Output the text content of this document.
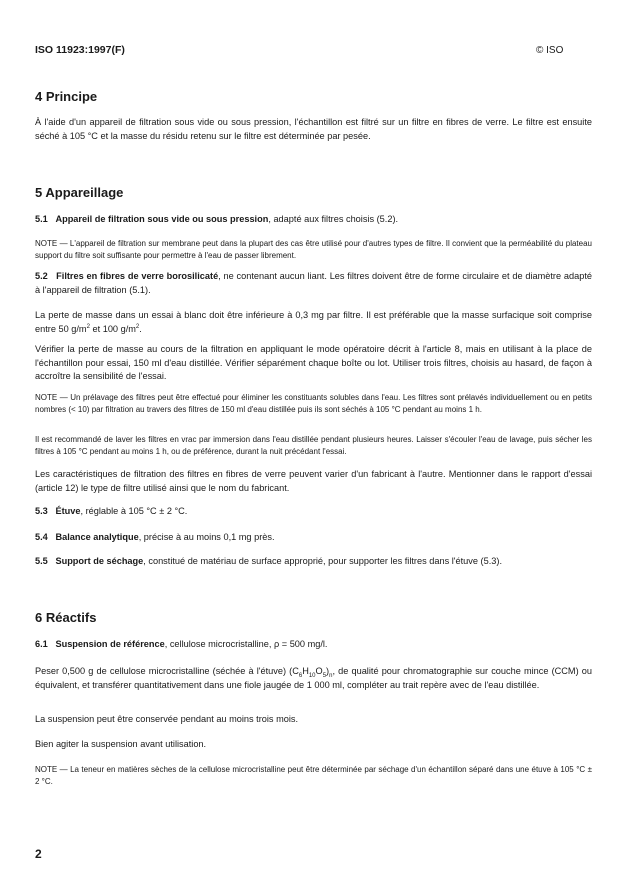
ISO 11923:1997(F)	© ISO
4 Principe
À l'aide d'un appareil de filtration sous vide ou sous pression, l'échantillon est filtré sur un filtre en fibres de verre. Le filtre est ensuite séché à 105 °C et la masse du résidu retenu sur le filtre est déterminée par pesée.
5 Appareillage
5.1 Appareil de filtration sous vide ou sous pression, adapté aux filtres choisis (5.2).
NOTE — L'appareil de filtration sur membrane peut dans la plupart des cas être utilisé pour d'autres types de filtre. Il convient que la perméabilité du plateau support du filtre soit suffisante pour permettre à l'eau de passer librement.
5.2 Filtres en fibres de verre borosilicaté, ne contenant aucun liant. Les filtres doivent être de forme circulaire et de diamètre adapté à l'appareil de filtration (5.1).
La perte de masse dans un essai à blanc doit être inférieure à 0,3 mg par filtre. Il est préférable que la masse surfacique soit comprise entre 50 $g/m^2$ et 100 $g/m^2$.
Vérifier la perte de masse au cours de la filtration en appliquant le mode opératoire décrit à l'article 8, mais en utilisant à la place de l'échantillon pour essai, 150 ml d'eau distillée. Vérifier séparément chaque boîte ou lot. Utiliser trois filtres, choisis au hasard, de façon à accroître la sensibilité de l'essai.
NOTE — Un prélavage des filtres peut être effectué pour éliminer les constituants solubles dans l'eau. Les filtres sont prélavés individuellement ou en petits nombres (< 10) par filtration au travers des filtres de 150 ml d'eau distillée puis ils sont séchés à 105 °C pendant au moins 1 h.
Il est recommandé de laver les filtres en vrac par immersion dans l'eau distillée pendant plusieurs heures. Laisser s'écouler l'eau de lavage, puis sécher les filtres à 105 °C pendant au moins 1 h, ou de préférence, durant la nuit précédant l'essai.
Les caractéristiques de filtration des filtres en fibres de verre peuvent varier d'un fabricant à l'autre. Mentionner dans le rapport d'essai (article 12) le type de filtre utilisé ainsi que le nom du fabricant.
5.3 Étuve, réglable à 105 °C ± 2 °C.
5.4 Balance analytique, précise à au moins 0,1 mg près.
5.5 Support de séchage, constitué de matériau de surface approprié, pour supporter les filtres dans l'étuve (5.3).
6 Réactifs
6.1 Suspension de référence, cellulose microcristalline, ρ = 500 mg/l.
Peser 0,500 g de cellulose microcristalline (séchée à l'étuve) $(C_6H_{10}O_5)_n$, de qualité pour chromatographie sur couche mince (CCM) ou équivalent, et transférer quantitativement dans une fiole jaugée de 1 000 ml, compléter au trait repère avec de l'eau distillée.
La suspension peut être conservée pendant au moins trois mois.
Bien agiter la suspension avant utilisation.
NOTE — La teneur en matières sèches de la cellulose microcristalline peut être déterminée par séchage d'un échantillon séparé dans une étuve à 105 °C ± 2 °C.
2
